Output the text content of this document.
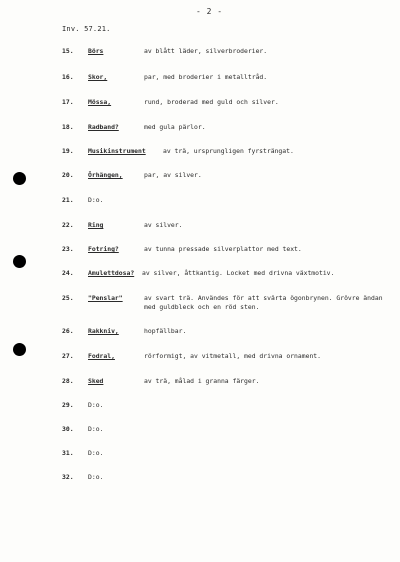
- 2 -
Inv. 57.21.
15. Börs	av blått läder, silverbroderier.
16. Skor,	par, med broderier i metalltråd.
17. Mössa,	rund, broderad med guld och silver.
18. Radband?	med gula pärlor.
19. Musikinstrument	av trä, ursprungligen fyrsträngat.
20. Örhängen,	par, av silver.
21. D:o.
22. Ring	av silver.
23. Fotring?	av tunna pressade silverplattor med text.
24. Amulettdosa? av silver, åttkantig. Locket med drivna växtmotiv.
25. "Penslar"	av svart trä. Användes för att svärta ögonbrynen. Grövre ändan med guldbleck och en röd sten.
26. Rakkniv,	hopfällbar.
27. Fodral,	rörformigt, av vitmetall, med drivna ornament.
28. Sked	av trä, målad i granna färger.
29. D:o.
30. D:o.
31. D:o.
32. D:o.
